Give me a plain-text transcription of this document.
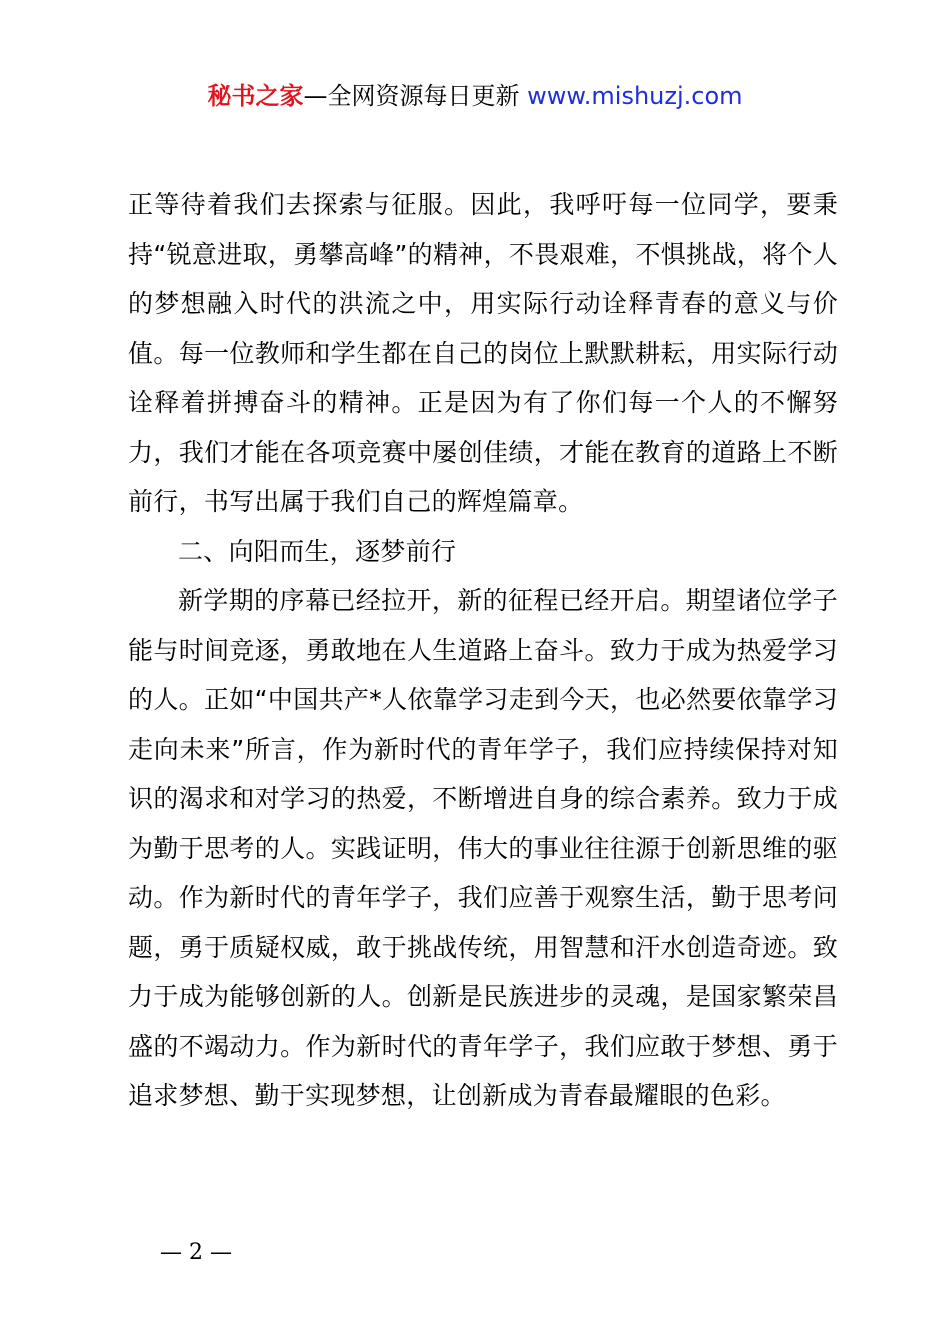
秘书之家—全网资源每日更新 www.mishuzj.com

正等待着我们去探索与征服。因此，我呼吁每一位同学，要秉持“锐意进取，勇攀高峰”的精神，不畏艰难，不惧挑战，将个人的梦想融入时代的洪流之中，用实际行动诠释青春的意义与价值。每一位教师和学生都在自己的岗位上默默耕耘，用实际行动诠释着拼搏奋斗的精神。正是因为有了你们每一个人的不懈努力，我们才能在各项竞赛中屡创佳绩，才能在教育的道路上不断前行，书写出属于我们自己的辉煌篇章。

二、向阳而生，逐梦前行

新学期的序幕已经拉开，新的征程已经开启。期望诸位学子能与时间竞逐，勇敢地在人生道路上奋斗。致力于成为热爱学习的人。正如“中国共产*人依靠学习走到今天，也必然要依靠学习走向未来”所言，作为新时代的青年学子，我们应持续保持对知识的渴求和对学习的热爱，不断增进自身的综合素养。致力于成为勤于思考的人。实践证明，伟大的事业往往源于创新思维的驱动。作为新时代的青年学子，我们应善于观察生活，勤于思考问题，勇于质疑权威，敢于挑战传统，用智慧和汗水创造奇迹。致力于成为能够创新的人。创新是民族进步的灵魂，是国家繁荣昌盛的不竭动力。作为新时代的青年学子，我们应敢于梦想、勇于追求梦想、勤于实现梦想，让创新成为青春最耀眼的色彩。

— 2 —
